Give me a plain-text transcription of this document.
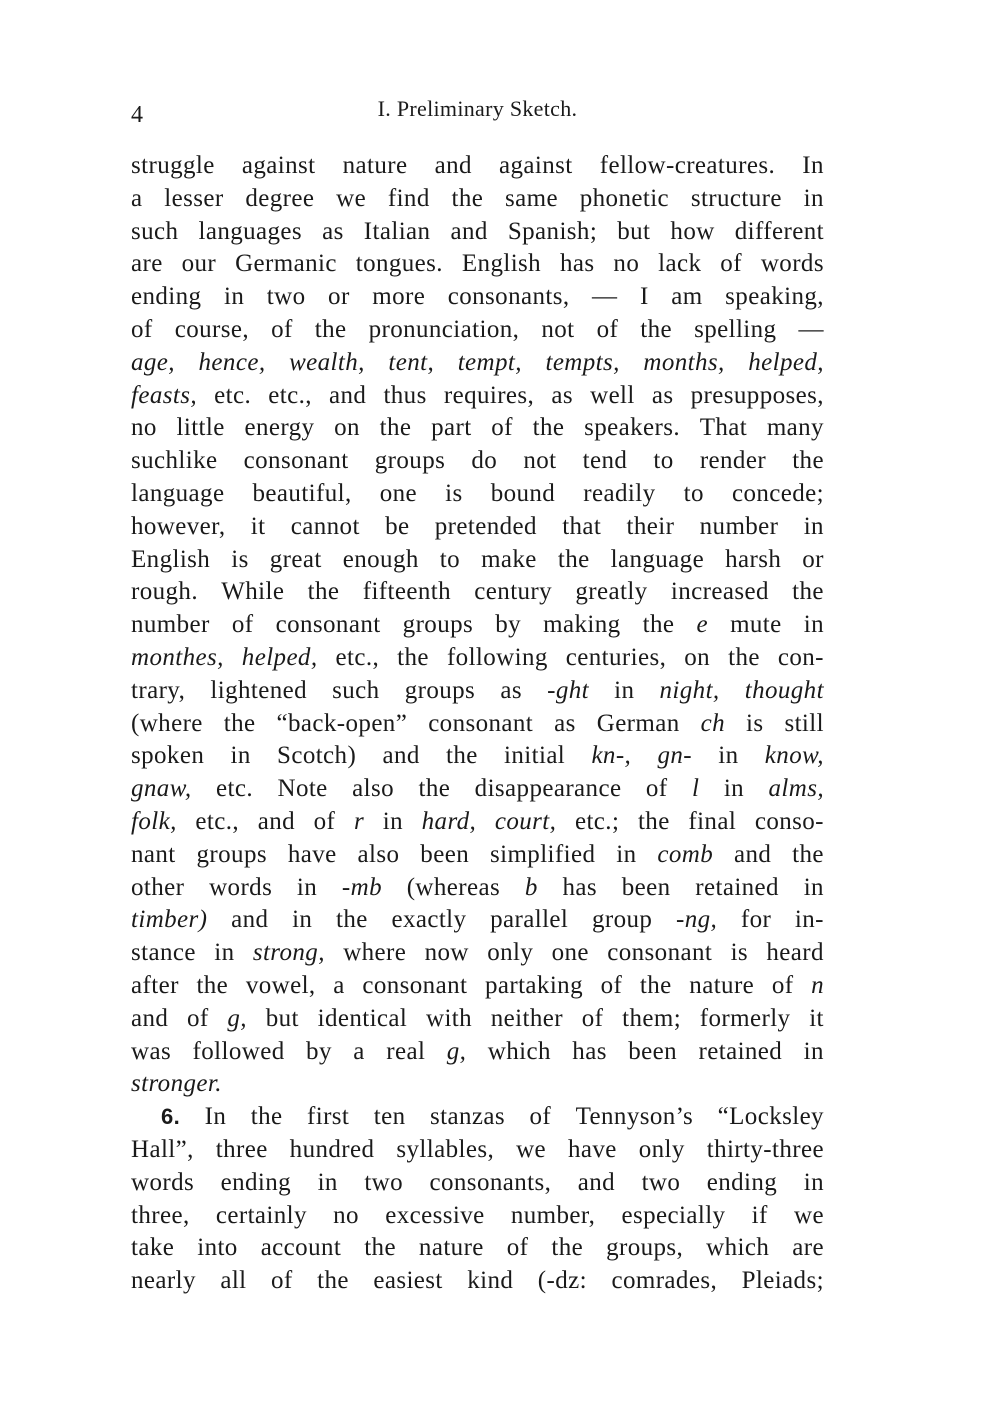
4	I. Preliminary Sketch.
struggle against nature and against fellow-creatures. In
a lesser degree we find the same phonetic structure in
such languages as Italian and Spanish; but how different
are our Germanic tongues. English has no lack of words
ending in two or more consonants, — I am speaking,
of course, of the pronunciation, not of the spelling —
age, hence, wealth, tent, tempt, tempts, months, helped,
feasts, etc. etc., and thus requires, as well as presupposes,
no little energy on the part of the speakers. That many
suchlike consonant groups do not tend to render the
language beautiful, one is bound readily to concede;
however, it cannot be pretended that their number in
English is great enough to make the language harsh or
rough. While the fifteenth century greatly increased the
number of consonant groups by making the e mute in
monthes, helped, etc., the following centuries, on the con-
trary, lightened such groups as -ght in night, thought
(where the “back-open” consonant as German ch is still
spoken in Scotch) and the initial kn-, gn- in know,
gnaw, etc. Note also the disappearance of l in alms,
folk, etc., and of r in hard, court, etc.; the final conso-
nant groups have also been simplified in comb and the
other words in -mb (whereas b has been retained in
timber) and in the exactly parallel group -ng, for in-
stance in strong, where now only one consonant is heard
after the vowel, a consonant partaking of the nature of n
and of g, but identical with neither of them; formerly it
was followed by a real g, which has been retained in
stronger.
6. In the first ten stanzas of Tennyson’s “Locksley
Hall”, three hundred syllables, we have only thirty-three
words ending in two consonants, and two ending in
three, certainly no excessive number, especially if we
take into account the nature of the groups, which are
nearly all of the easiest kind (-dz: comrades, Pleiads;
